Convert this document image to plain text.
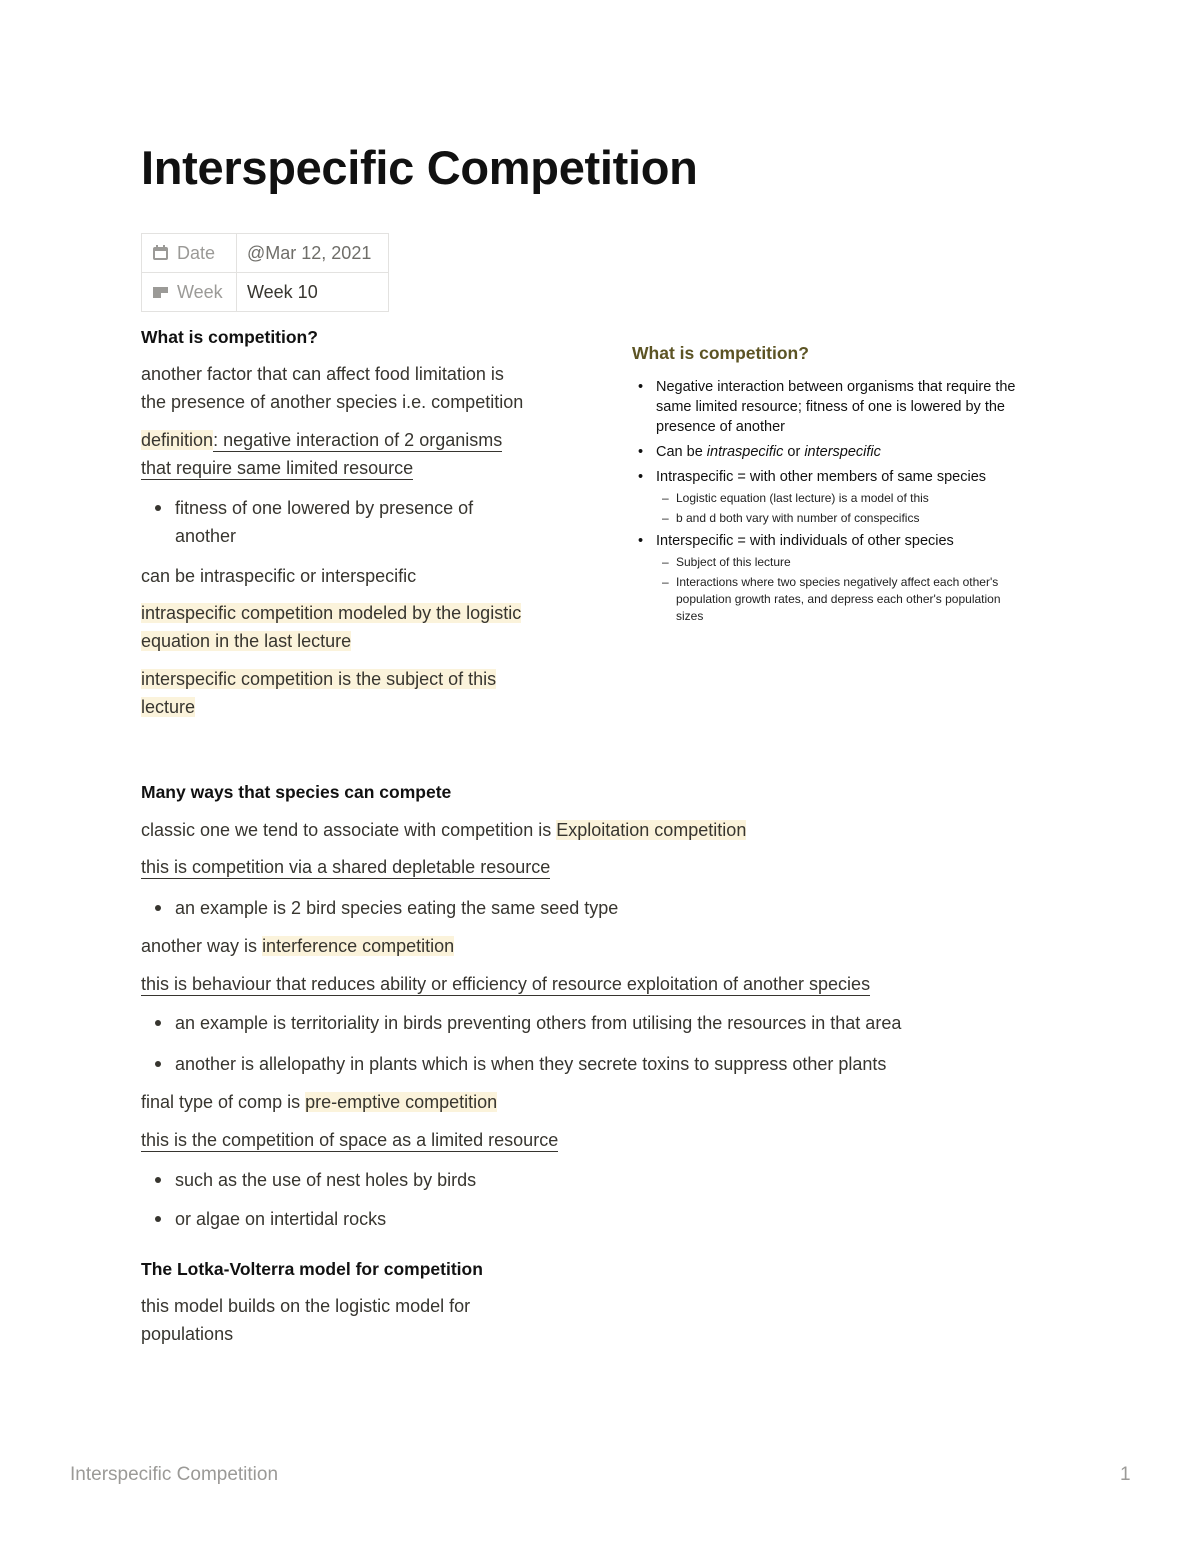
Interspecific Competition
Date	@Mar 12, 2021
Week	Week 10
What is competition?
another factor that can affect food limitation is
the presence of another species i.e. competition
definition: negative interaction of 2 organisms
that require same limited resource
fitness of one lowered by presence of
another
can be intraspecific or interspecific
intraspecific competition modeled by the logistic
equation in the last lecture
interspecific competition is the subject of this
lecture
What is competition?
• Negative interaction between organisms that require the
same limited resource; fitness of one is lowered by the
presence of another
• Can be intraspecific or interspecific
• Intraspecific = with other members of same species
– Logistic equation (last lecture) is a model of this
– b and d both vary with number of conspecifics
• Interspecific = with individuals of other species
– Subject of this lecture
– Interactions where two species negatively affect each other's
population growth rates, and depress each other's population
sizes
Many ways that species can compete
classic one we tend to associate with competition is Exploitation competition
this is competition via a shared depletable resource
an example is 2 bird species eating the same seed type
another way is interference competition
this is behaviour that reduces ability or efficiency of resource exploitation of another species
an example is territoriality in birds preventing others from utilising the resources in that area
another is allelopathy in plants which is when they secrete toxins to suppress other plants
final type of comp is pre-emptive competition
this is the competition of space as a limited resource
such as the use of nest holes by birds
or algae on intertidal rocks
The Lotka-Volterra model for competition
this model builds on the logistic model for
populations
Interspecific Competition	1
